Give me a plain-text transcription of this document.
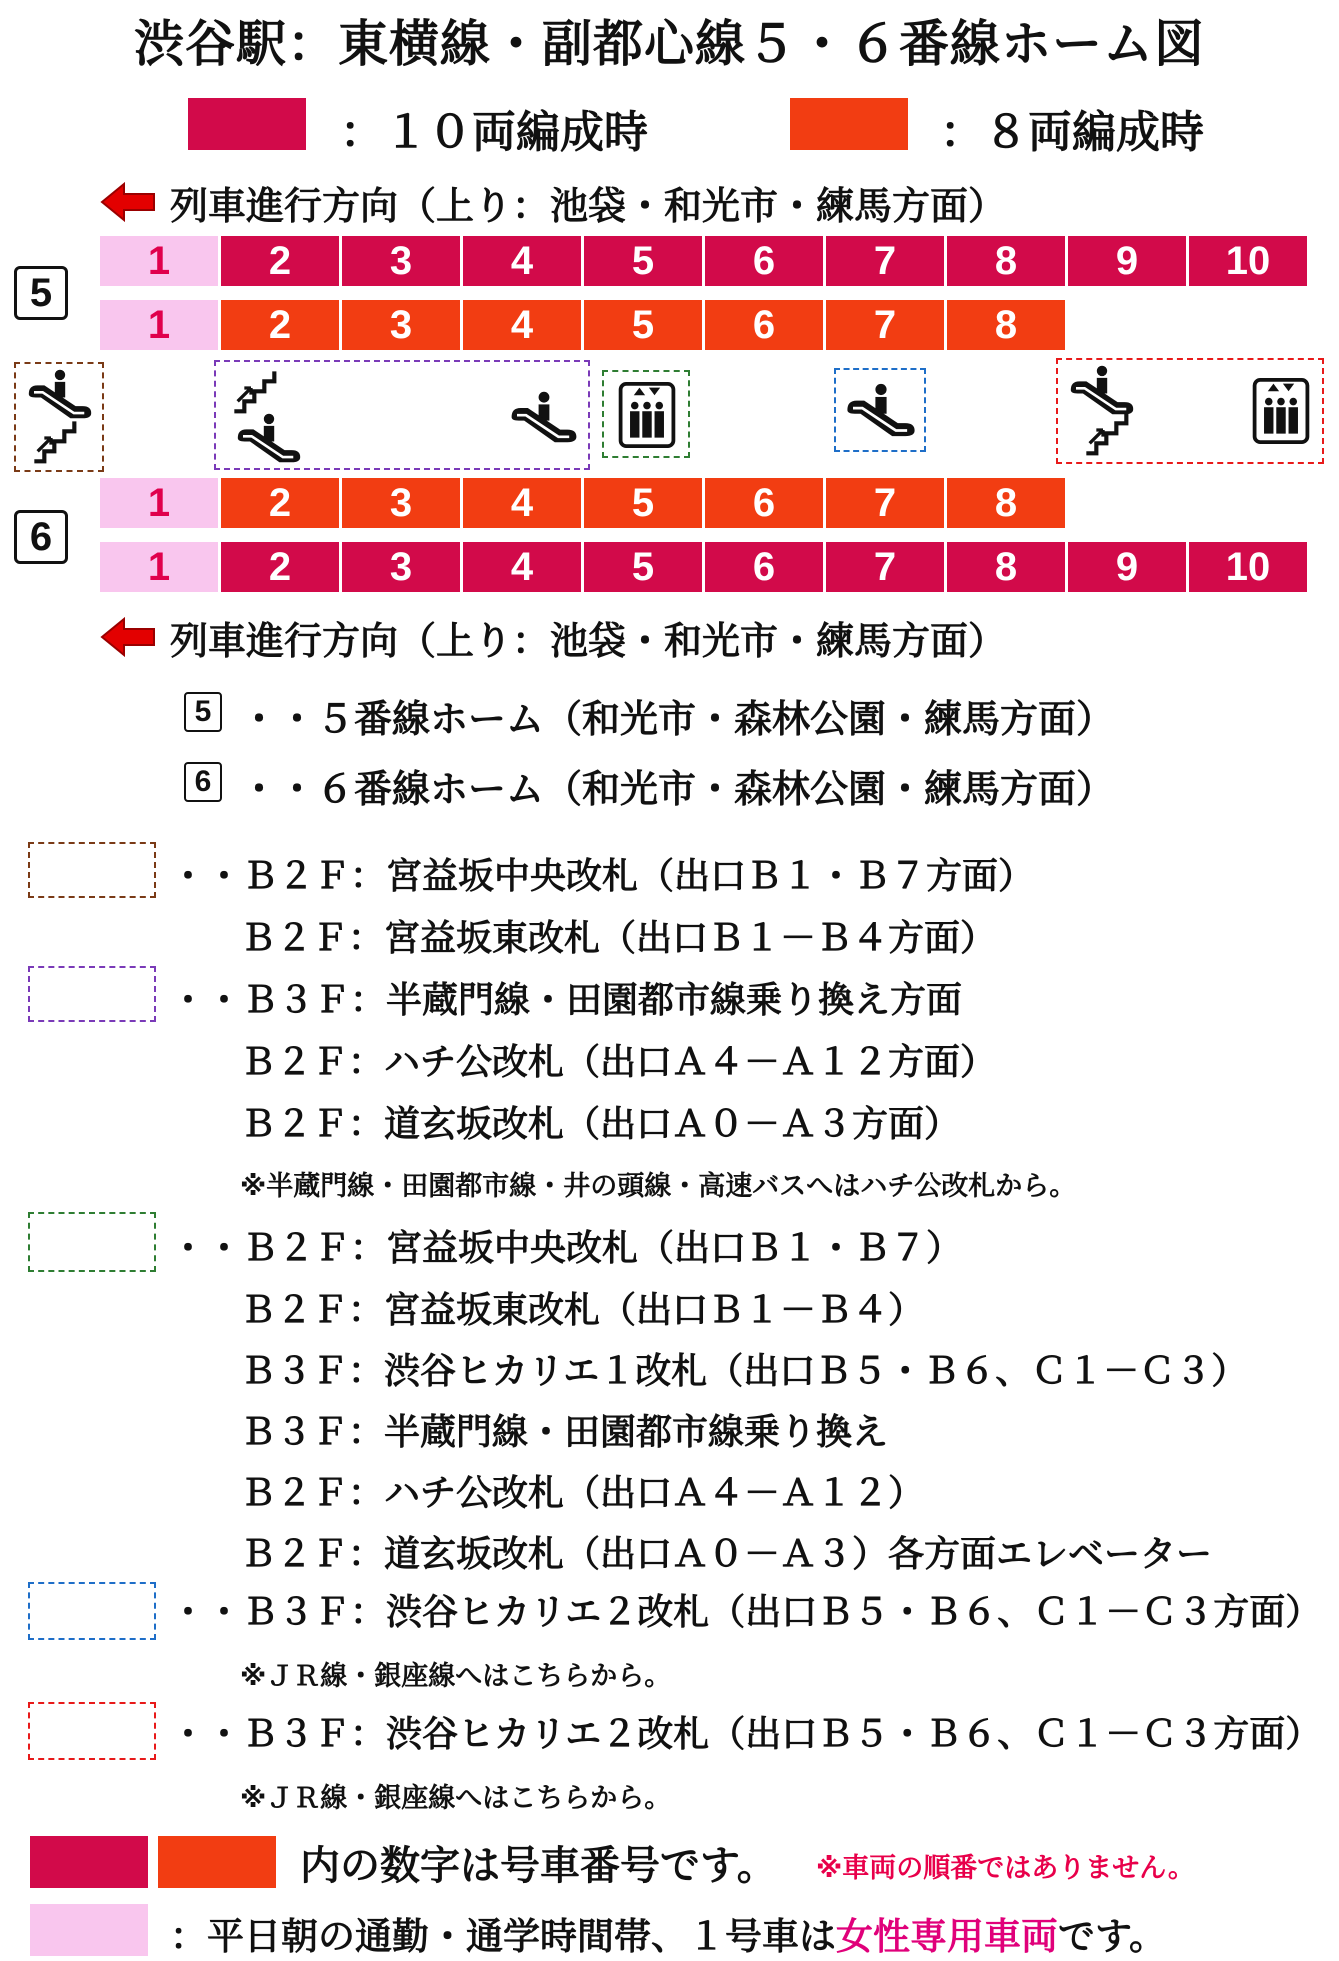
渋谷駅：東横線・副都心線５・６番線ホーム図
：１０両編成時	：８両編成時
列車進行方向（上り：池袋・和光市・練馬方面）
5
1	2	3	4	5	6	7	8	9	10
1	2	3	4	5	6	7	8
6
1	2	3	4	5	6	7	8
1	2	3	4	5	6	7	8	9	10
列車進行方向（上り：池袋・和光市・練馬方面）
5 ・・５番線ホーム（和光市・森林公園・練馬方面）
6 ・・６番線ホーム（和光市・森林公園・練馬方面）
・・Ｂ２Ｆ：宮益坂中央改札（出口Ｂ１・Ｂ７方面）
Ｂ２Ｆ：宮益坂東改札（出口Ｂ１－Ｂ４方面）
・・Ｂ３Ｆ：半蔵門線・田園都市線乗り換え方面
Ｂ２Ｆ：ハチ公改札（出口Ａ４－Ａ１２方面）
Ｂ２Ｆ：道玄坂改札（出口Ａ０－Ａ３方面）
※半蔵門線・田園都市線・井の頭線・高速バスへはハチ公改札から。
・・Ｂ２Ｆ：宮益坂中央改札（出口Ｂ１・Ｂ７）
Ｂ２Ｆ：宮益坂東改札（出口Ｂ１－Ｂ４）
Ｂ３Ｆ：渋谷ヒカリエ１改札（出口Ｂ５・Ｂ６、Ｃ１－Ｃ３）
Ｂ３Ｆ：半蔵門線・田園都市線乗り換え
Ｂ２Ｆ：ハチ公改札（出口Ａ４－Ａ１２）
Ｂ２Ｆ：道玄坂改札（出口Ａ０－Ａ３）各方面エレベーター
・・Ｂ３Ｆ：渋谷ヒカリエ２改札（出口Ｂ５・Ｂ６、Ｃ１－Ｃ３方面）
※ＪＲ線・銀座線へはこちらから。
・・Ｂ３Ｆ：渋谷ヒカリエ２改札（出口Ｂ５・Ｂ６、Ｃ１－Ｃ３方面）
※ＪＲ線・銀座線へはこちらから。
内の数字は号車番号です。 ※車両の順番ではありません。
：平日朝の通勤・通学時間帯、１号車は女性専用車両です。
